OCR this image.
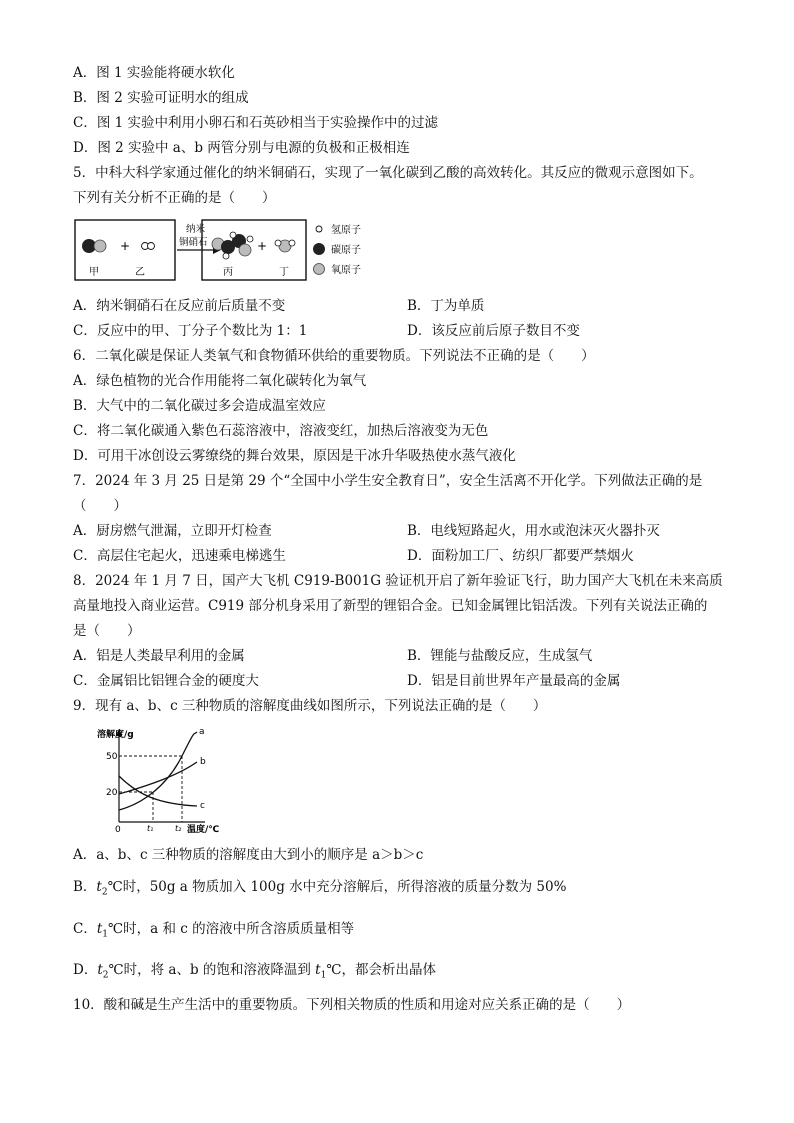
A．图 1 实验能将硬水软化
B．图 2 实验可证明水的组成
C．图 1 实验中利用小卵石和石英砂相当于实验操作中的过滤
D．图 2 实验中 a、b 两管分别与电源的负极和正极相连
5．中科大科学家通过催化的纳米铜硝石，实现了一氧化碳到乙酸的高效转化。其反应的微观示意图如下。
下列有关分析不正确的是（　　）
+
甲	乙
纳米
铜硝石	+
丙	丁
氢原子
碳原子
氧原子
A．纳米铜硝石在反应前后质量不变	B．丁为单质
C．反应中的甲、丁分子个数比为 1：1	D．该反应前后原子数目不变
6．二氧化碳是保证人类氧气和食物循环供给的重要物质。下列说法不正确的是（　　）
A．绿色植物的光合作用能将二氧化碳转化为氧气
B．大气中的二氧化碳过多会造成温室效应
C．将二氧化碳通入紫色石蕊溶液中，溶液变红，加热后溶液变为无色
D．可用干冰创设云雾缭绕的舞台效果，原因是干冰升华吸热使水蒸气液化
7．2024 年 3 月 25 日是第 29 个“全国中小学生安全教育日”，安全生活离不开化学。下列做法正确的是
（　　）
A．厨房燃气泄漏，立即开灯检查	B．电线短路起火，用水或泡沫灭火器扑灭
C．高层住宅起火，迅速乘电梯逃生	D．面粉加工厂、纺织厂都要严禁烟火
8．2024 年 1 月 7 日，国产大飞机 C919-B001G 验证机开启了新年验证飞行，助力国产大飞机在未来高质
高量地投入商业运营。C919 部分机身采用了新型的锂铝合金。已知金属锂比铝活泼。下列有关说法正确的
是（　　）
A．铝是人类最早利用的金属	B．锂能与盐酸反应，生成氢气
C．金属铝比铝锂合金的硬度大	D．铝是目前世界年产量最高的金属
9．现有 a、b、c 三种物质的溶解度曲线如图所示，下列说法正确的是（　　）
溶解度/g
温度/℃
50
20
0	t₁	t₂
a
b
c
A．a、b、c 三种物质的溶解度由大到小的顺序是 a＞b＞c
B．$t_2℃$时，50g a 物质加入 100g 水中充分溶解后，所得溶液的质量分数为 50%
C．$t_1℃$时，a 和 c 的溶液中所含溶质质量相等
D．$t_2℃$时，将 a、b 的饱和溶液降温到 $t_1℃$，都会析出晶体
10．酸和碱是生产生活中的重要物质。下列相关物质的性质和用途对应关系正确的是（　　）
